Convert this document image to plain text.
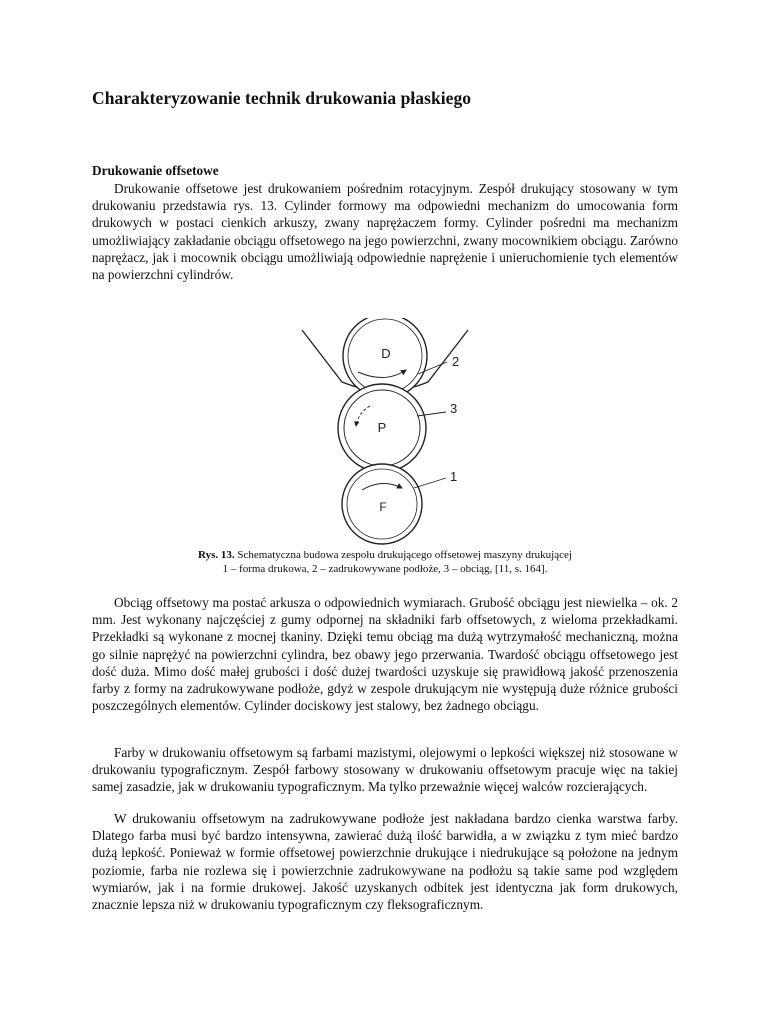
Charakteryzowanie technik drukowania płaskiego
Drukowanie offsetowe

Drukowanie offsetowe jest drukowaniem pośrednim rotacyjnym. Zespół drukujący stosowany w tym drukowaniu przedstawia rys. 13. Cylinder formowy ma odpowiedni mechanizm do umocowania form drukowych w postaci cienkich arkuszy, zwany naprężaczem formy. Cylinder pośredni ma mechanizm umożliwiający zakładanie obciągu offsetowego na jego powierzchni, zwany mocownikiem obciągu. Zarówno naprężacz, jak i mocownik obciągu umożliwiają odpowiednie naprężenie i unieruchomienie tych elementów na powierzchni cylindrów.

D
P
F
2
3
1
Rys. 13. Schematyczna budowa zespołu drukującego offsetowej maszyny drukującej
1 – forma drukowa, 2 – zadrukowywane podłoże, 3 – obciąg, [11, s. 164].

Obciąg offsetowy ma postać arkusza o odpowiednich wymiarach. Grubość obciągu jest niewielka – ok. 2 mm. Jest wykonany najczęściej z gumy odpornej na składniki farb offsetowych, z wieloma przekładkami. Przekładki są wykonane z mocnej tkaniny. Dzięki temu obciąg ma dużą wytrzymałość mechaniczną, można go silnie naprężyć na powierzchni cylindra, bez obawy jego przerwania. Twardość obciągu offsetowego jest dość duża. Mimo dość małej grubości i dość dużej twardości uzyskuje się prawidłową jakość przenoszenia farby z formy na zadrukowywane podłoże, gdyż w zespole drukującym nie występują duże różnice grubości poszczególnych elementów. Cylinder dociskowy jest stalowy, bez żadnego obciągu.

Farby w drukowaniu offsetowym są farbami mazistymi, olejowymi o lepkości większej niż stosowane w drukowaniu typograficznym. Zespół farbowy stosowany w drukowaniu offsetowym pracuje więc na takiej samej zasadzie, jak w drukowaniu typograficznym. Ma tylko przeważnie więcej walców rozcierających.

W drukowaniu offsetowym na zadrukowywane podłoże jest nakładana bardzo cienka warstwa farby. Dlatego farba musi być bardzo intensywna, zawierać dużą ilość barwidła, a w związku z tym mieć bardzo dużą lepkość. Ponieważ w formie offsetowej powierzchnie drukujące i niedrukujące są położone na jednym poziomie, farba nie rozlewa się i powierzchnie zadrukowywane na podłożu są takie same pod względem wymiarów, jak i na formie drukowej. Jakość uzyskanych odbitek jest identyczna jak form drukowych, znacznie lepsza niż w drukowaniu typograficznym czy fleksograficznym.
